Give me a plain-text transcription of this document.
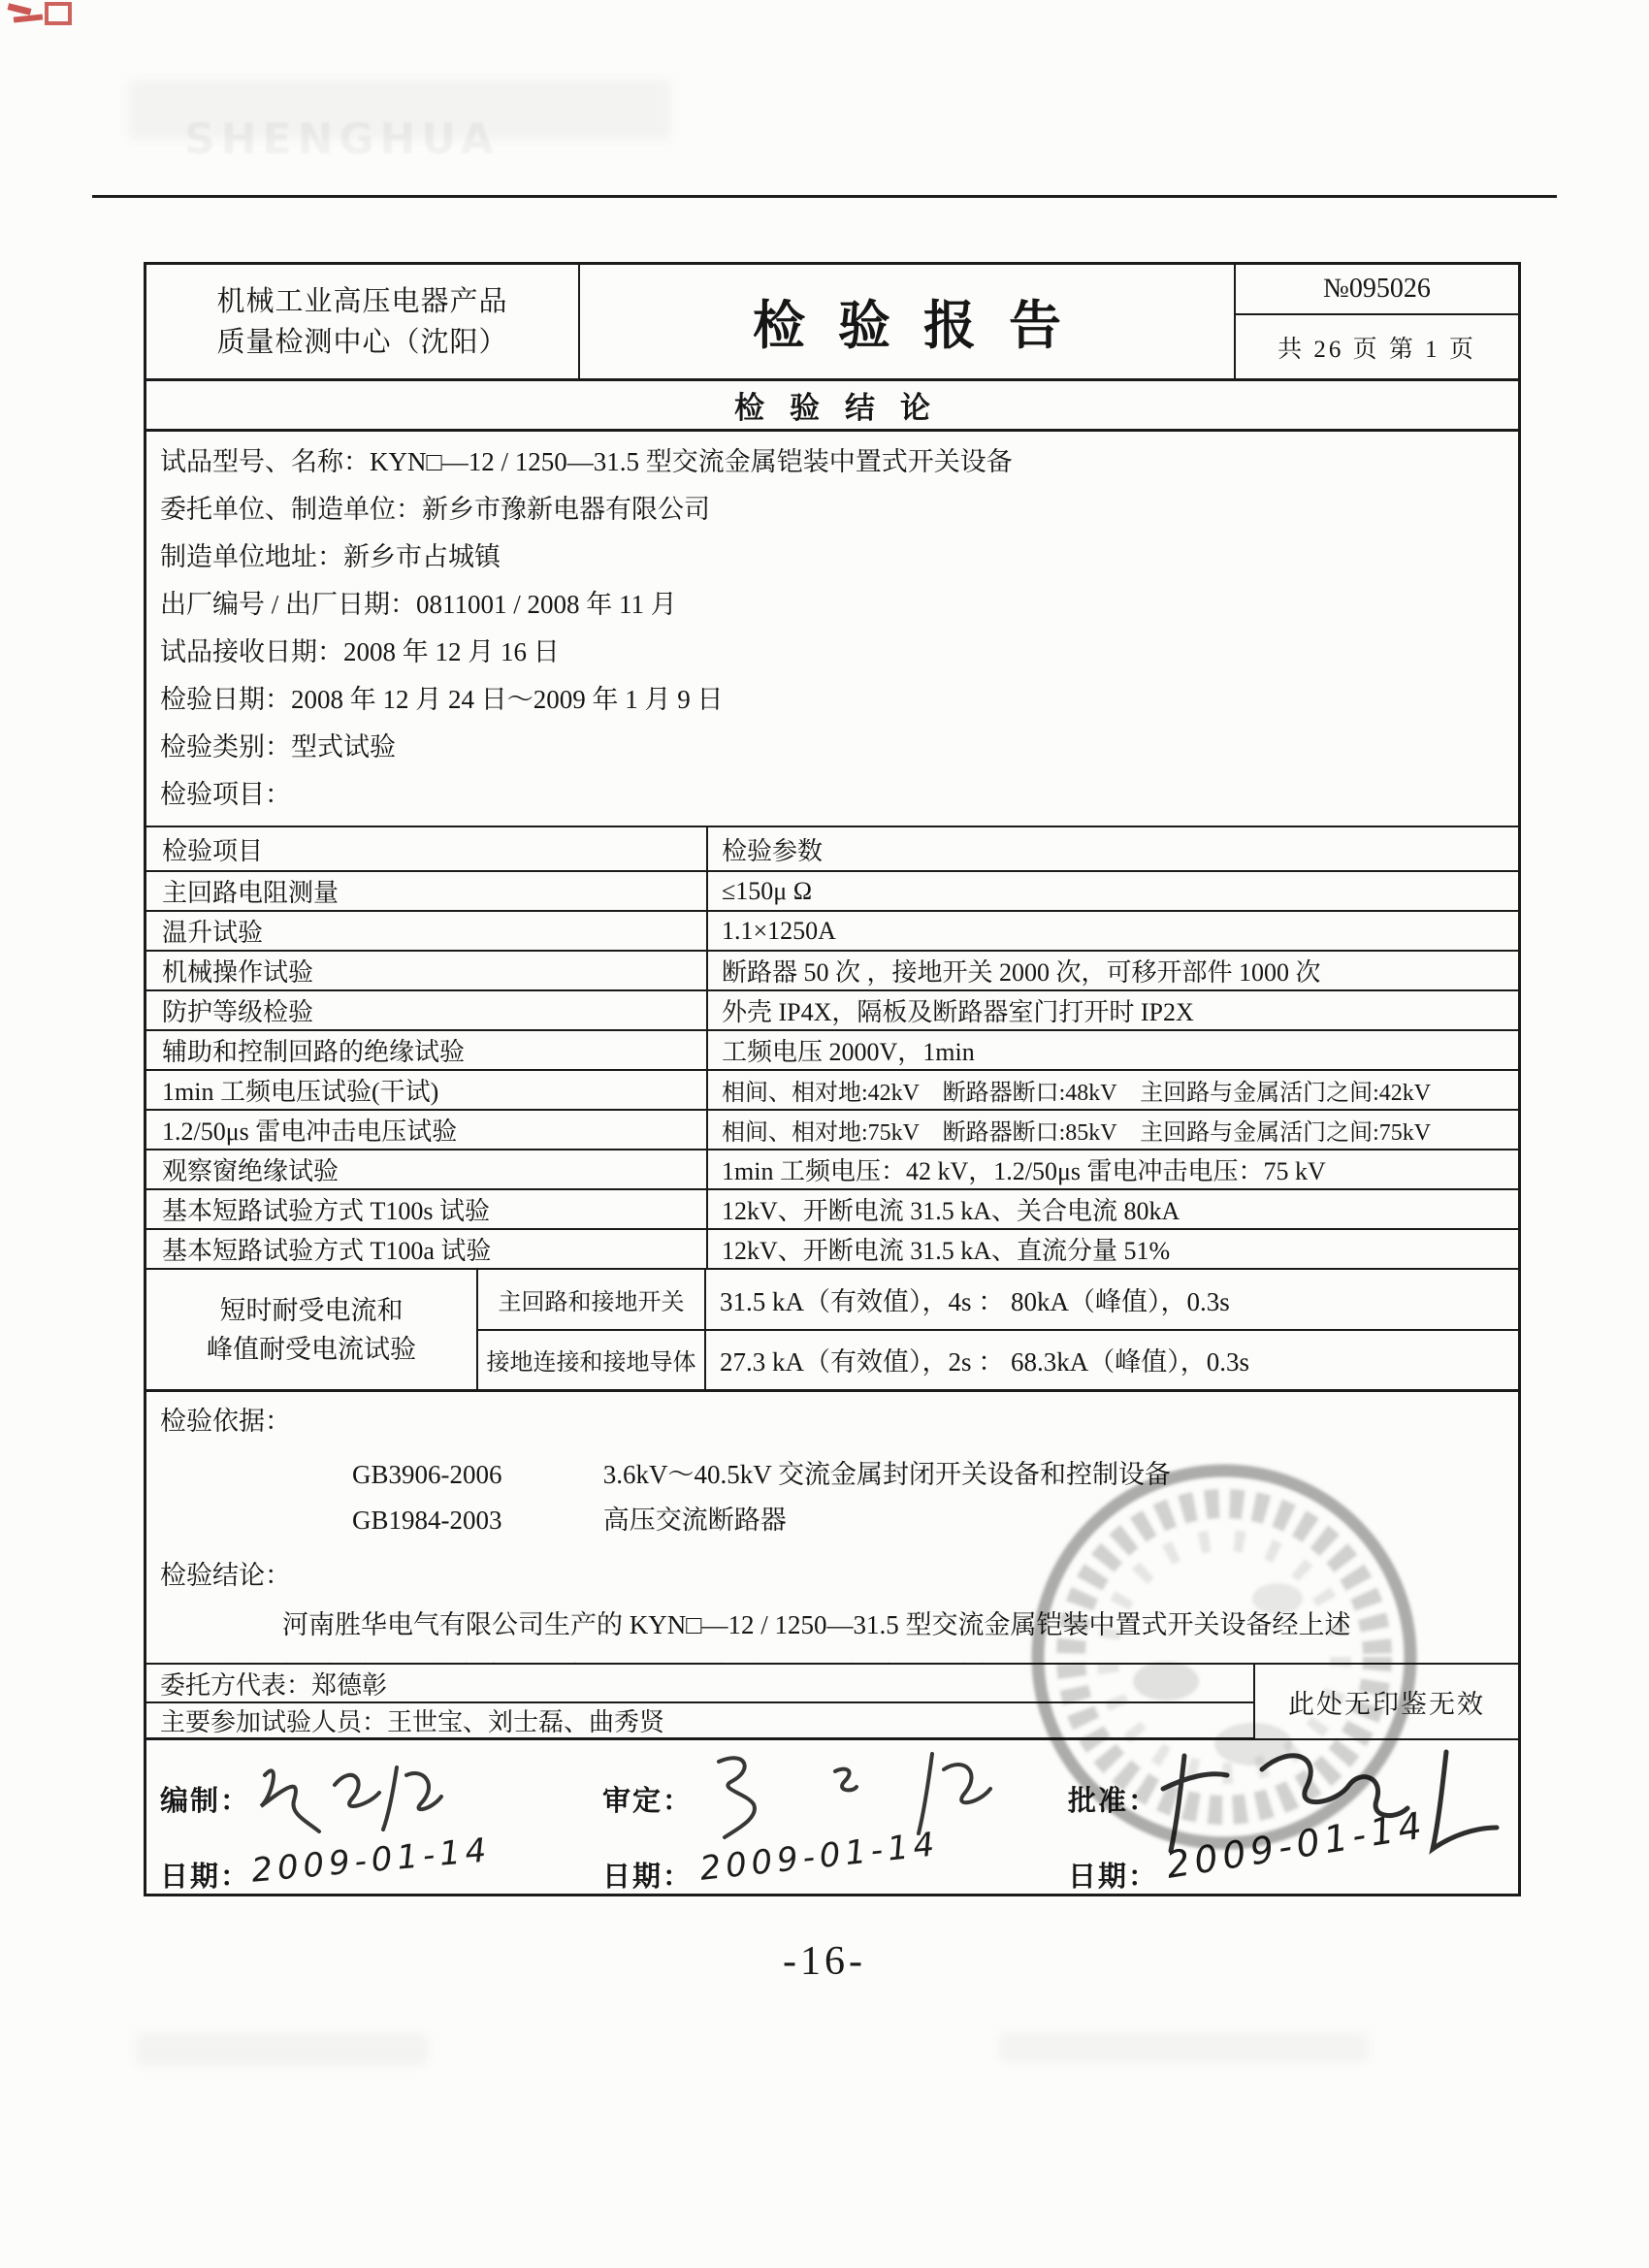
SHENGHUA
机械工业高压电器产品
质量检测中心（沈阳）	检验报告
№095026
共 26 页 第 1 页
检验结论
试品型号、名称：KYN□—12 / 1250—31.5 型交流金属铠装中置式开关设备
委托单位、制造单位：新乡市豫新电器有限公司
制造单位地址：新乡市占城镇
出厂编号 / 出厂日期：0811001 / 2008 年 11 月
试品接收日期：2008 年 12 月 16 日
检验日期：2008 年 12 月 24 日～2009 年 1 月 9 日
检验类别：型式试验
检验项目：
检验项目	检验参数
主回路电阻测量	≤150μ Ω
温升试验	1.1×1250A
机械操作试验	断路器 50 次 ，接地开关 2000 次，可移开部件 1000 次
防护等级检验	外壳 IP4X，隔板及断路器室门打开时 IP2X
辅助和控制回路的绝缘试验	工频电压 2000V，1min
1min 工频电压试验(干试)	相间、相对地:42kV　断路器断口:48kV　主回路与金属活门之间:42kV
1.2/50μs 雷电冲击电压试验	相间、相对地:75kV　断路器断口:85kV　主回路与金属活门之间:75kV
观察窗绝缘试验	1min 工频电压：42 kV，1.2/50μs 雷电冲击电压：75 kV
基本短路试验方式 T100s 试验	12kV、开断电流 31.5 kA、关合电流 80kA
基本短路试验方式 T100a 试验	12kV、开断电流 31.5 kA、直流分量 51%
短时耐受电流和
峰值耐受电流试验
主回路和接地开关	31.5 kA（有效值），4s ： 80kA（峰值），0.3s
接地连接和接地导体 27.3 kA（有效值），2s ： 68.3kA（峰值），0.3s
检验依据：
GB3906-2006	3.6kV～40.5kV 交流金属封闭开关设备和控制设备
GB1984-2003	高压交流断路器
检验结论：
河南胜华电气有限公司生产的 KYN□—12 / 1250—31.5 型交流金属铠装中置式开关设备经上述
此处无印鉴无效
委托方代表： 郑德彰
主要参加试验人员： 王世宝、刘士磊、曲秀贤
编制：	审定：	批准：
日期： 2009-01-14	日期： 2009-01-14	日期： 2009-01-14
-16-
